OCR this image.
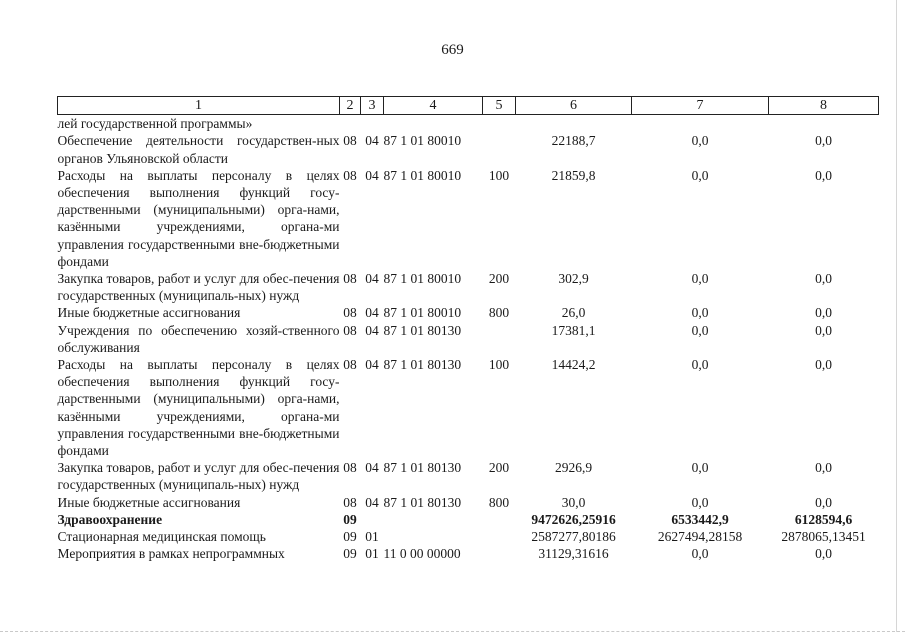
669
1	2	3	4	5	6	7	8
лей государственной программы»							
Обеспечение деятельности государствен-ных органов Ульяновской области	08	04	87 1 01 80010		22188,7	0,0	0,0
Расходы на выплаты персоналу в целях обеспечения выполнения функций госу-дарственными (муниципальными) орга-нами, казёнными учреждениями, органа-ми управления государственными вне-бюджетными фондами	08	04	87 1 01 80010	100	21859,8	0,0	0,0
Закупка товаров, работ и услуг для обес-печения государственных (муниципаль-ных) нужд	08	04	87 1 01 80010	200	302,9	0,0	0,0
Иные бюджетные ассигнования	08	04	87 1 01 80010	800	26,0	0,0	0,0
Учреждения по обеспечению хозяй-ственного обслуживания	08	04	87 1 01 80130		17381,1	0,0	0,0
Расходы на выплаты персоналу в целях обеспечения выполнения функций госу-дарственными (муниципальными) орга-нами, казёнными учреждениями, органа-ми управления государственными вне-бюджетными фондами	08	04	87 1 01 80130	100	14424,2	0,0	0,0
Закупка товаров, работ и услуг для обес-печения государственных (муниципаль-ных) нужд	08	04	87 1 01 80130	200	2926,9	0,0	0,0
Иные бюджетные ассигнования	08	04	87 1 01 80130	800	30,0	0,0	0,0
Здравоохранение	09				9472626,25916	6533442,9	6128594,6
Стационарная медицинская помощь	09	01			2587277,80186	2627494,28158	2878065,13451
Мероприятия в рамках непрограммных	09	01	11 0 00 00000		31129,31616	0,0	0,0
